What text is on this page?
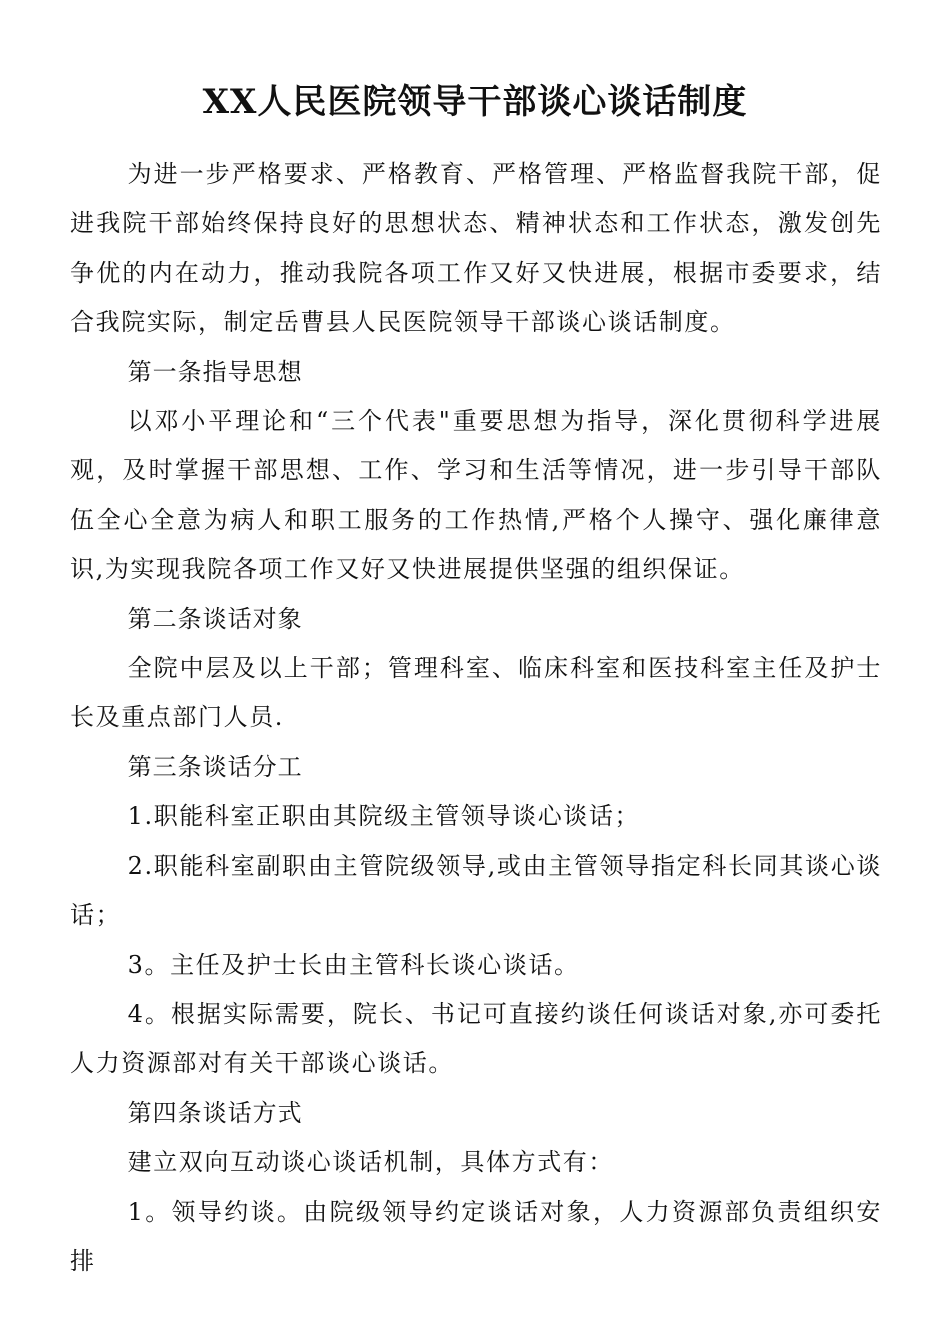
XX人民医院领导干部谈心谈话制度

为进一步严格要求、严格教育、严格管理、严格监督我院干部，促进我院干部始终保持良好的思想状态、精神状态和工作状态，激发创先争优的内在动力，推动我院各项工作又好又快进展，根据市委要求，结合我院实际，制定岳曹县人民医院领导干部谈心谈话制度。

第一条指导思想

以邓小平理论和“三个代表"重要思想为指导，深化贯彻科学进展观，及时掌握干部思想、工作、学习和生活等情况，进一步引导干部队伍全心全意为病人和职工服务的工作热情,严格个人操守、强化廉律意识,为实现我院各项工作又好又快进展提供坚强的组织保证。

第二条谈话对象

全院中层及以上干部；管理科室、临床科室和医技科室主任及护士长及重点部门人员.

第三条谈话分工

1.职能科室正职由其院级主管领导谈心谈话；

2.职能科室副职由主管院级领导,或由主管领导指定科长同其谈心谈话；

3。主任及护士长由主管科长谈心谈话。

4。根据实际需要，院长、书记可直接约谈任何谈话对象,亦可委托人力资源部对有关干部谈心谈话。

第四条谈话方式

建立双向互动谈心谈话机制，具体方式有：

1。领导约谈。由院级领导约定谈话对象，人力资源部负责组织安排
